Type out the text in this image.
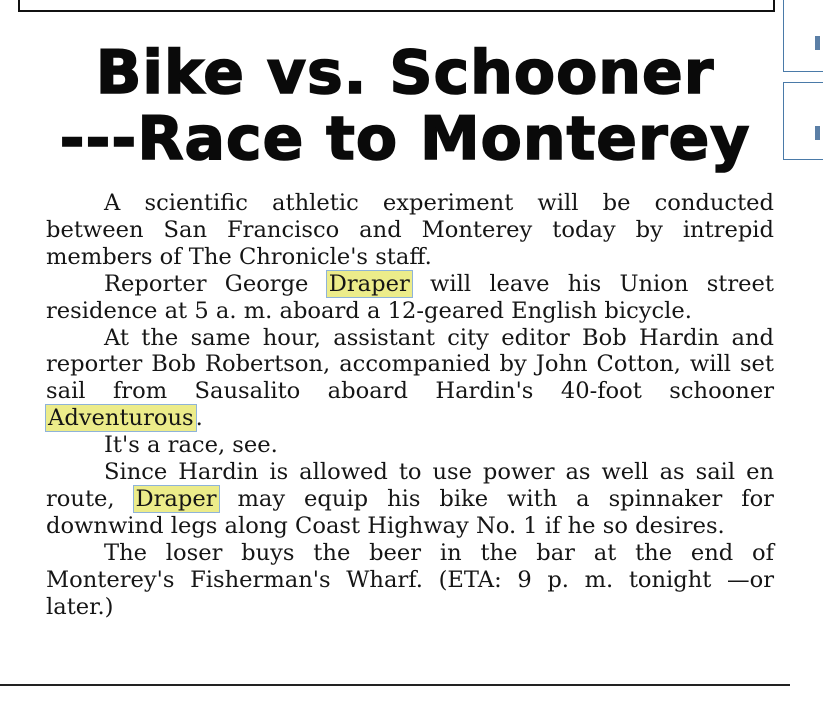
Bike vs. Schooner
---Race to Monterey

A scientific athletic experiment will be conducted between San Francisco and Monterey today by intrepid members of The Chronicle's staff.

Reporter George Draper will leave his Union street residence at 5 a. m. aboard a 12-geared English bicycle.

At the same hour, assistant city editor Bob Hardin and reporter Bob Robertson, accompanied by John Cotton, will set sail from Sausalito aboard Hardin's 40-foot schooner Adventurous.

It's a race, see.

Since Hardin is allowed to use power as well as sail en route, Draper may equip his bike with a spinnaker for downwind legs along Coast Highway No. 1 if he so desires.

The loser buys the beer in the bar at the end of Monterey's Fisherman's Wharf. (ETA: 9 p. m. tonight —or later.)
